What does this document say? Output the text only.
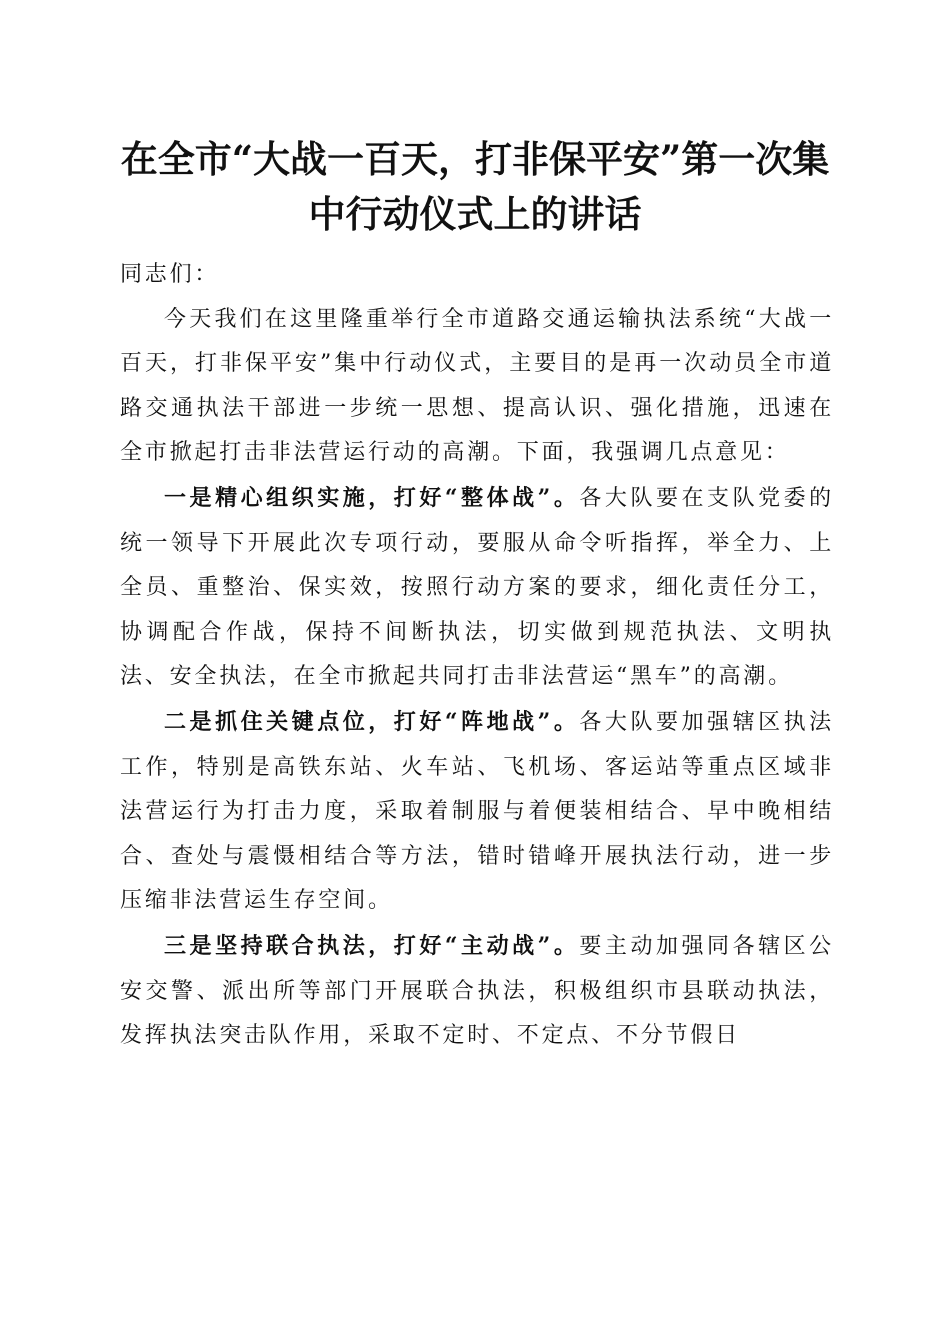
在全市“大战一百天，打非保平安”第一次集
中行动仪式上的讲话

同志们：

今天我们在这里隆重举行全市道路交通运输执法系统“大战一百天，打非保平安”集中行动仪式，主要目的是再一次动员全市道路交通执法干部进一步统一思想、提高认识、强化措施，迅速在全市掀起打击非法营运行动的高潮。下面，我强调几点意见：

一是精心组织实施，打好“整体战”。各大队要在支队党委的统一领导下开展此次专项行动，要服从命令听指挥，举全力、上全员、重整治、保实效，按照行动方案的要求，细化责任分工，协调配合作战，保持不间断执法，切实做到规范执法、文明执法、安全执法，在全市掀起共同打击非法营运“黑车”的高潮。

二是抓住关键点位，打好“阵地战”。各大队要加强辖区执法工作，特别是高铁东站、火车站、飞机场、客运站等重点区域非法营运行为打击力度，采取着制服与着便装相结合、早中晚相结合、查处与震慑相结合等方法，错时错峰开展执法行动，进一步压缩非法营运生存空间。

三是坚持联合执法，打好“主动战”。要主动加强同各辖区公安交警、派出所等部门开展联合执法，积极组织市县联动执法，发挥执法突击队作用，采取不定时、不定点、不分节假日
